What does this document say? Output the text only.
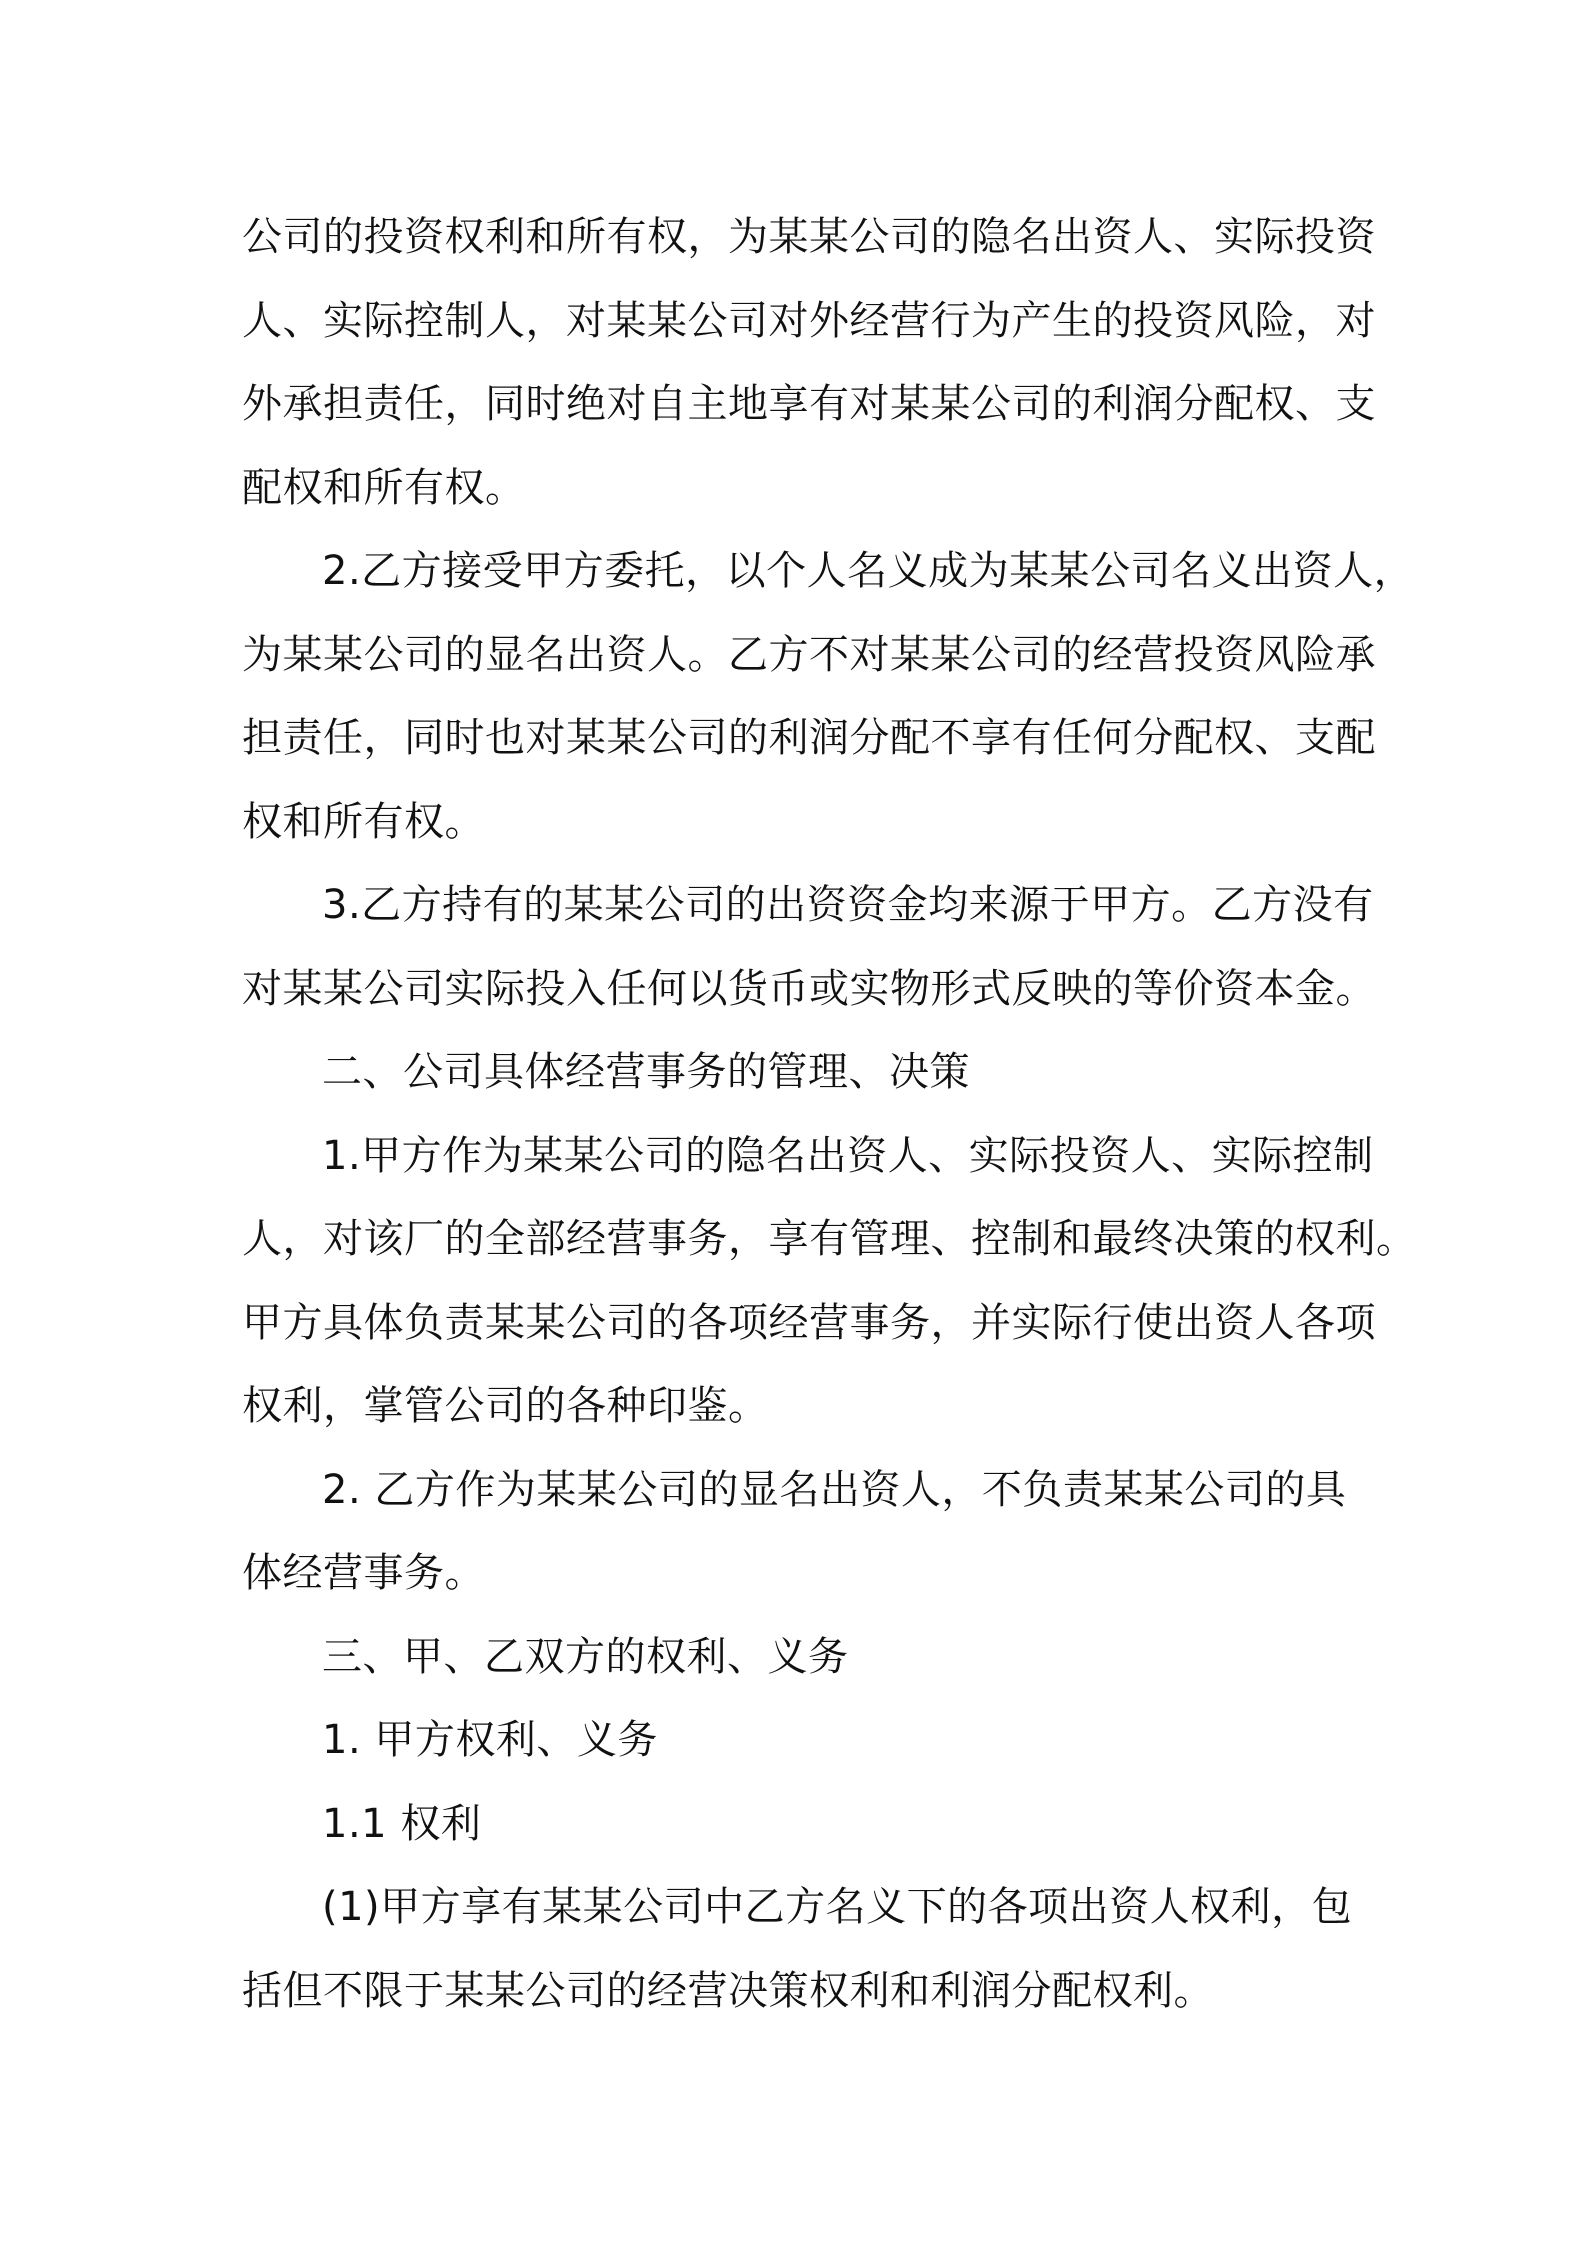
公司的投资权利和所有权，为某某公司的隐名出资人、实际投资
人、实际控制人，对某某公司对外经营行为产生的投资风险，对
外承担责任，同时绝对自主地享有对某某公司的利润分配权、支
配权和所有权。
2.乙方接受甲方委托，以个人名义成为某某公司名义出资人，
为某某公司的显名出资人。乙方不对某某公司的经营投资风险承
担责任，同时也对某某公司的利润分配不享有任何分配权、支配
权和所有权。
3.乙方持有的某某公司的出资资金均来源于甲方。乙方没有
对某某公司实际投入任何以货币或实物形式反映的等价资本金。
二、公司具体经营事务的管理、决策
1.甲方作为某某公司的隐名出资人、实际投资人、实际控制
人，对该厂的全部经营事务，享有管理、控制和最终决策的权利。
甲方具体负责某某公司的各项经营事务，并实际行使出资人各项
权利，掌管公司的各种印鉴。
2. 乙方作为某某公司的显名出资人，不负责某某公司的具
体经营事务。
三、甲、乙双方的权利、义务
1. 甲方权利、义务
1.1 权利
(1)甲方享有某某公司中乙方名义下的各项出资人权利，包
括但不限于某某公司的经营决策权利和利润分配权利。
